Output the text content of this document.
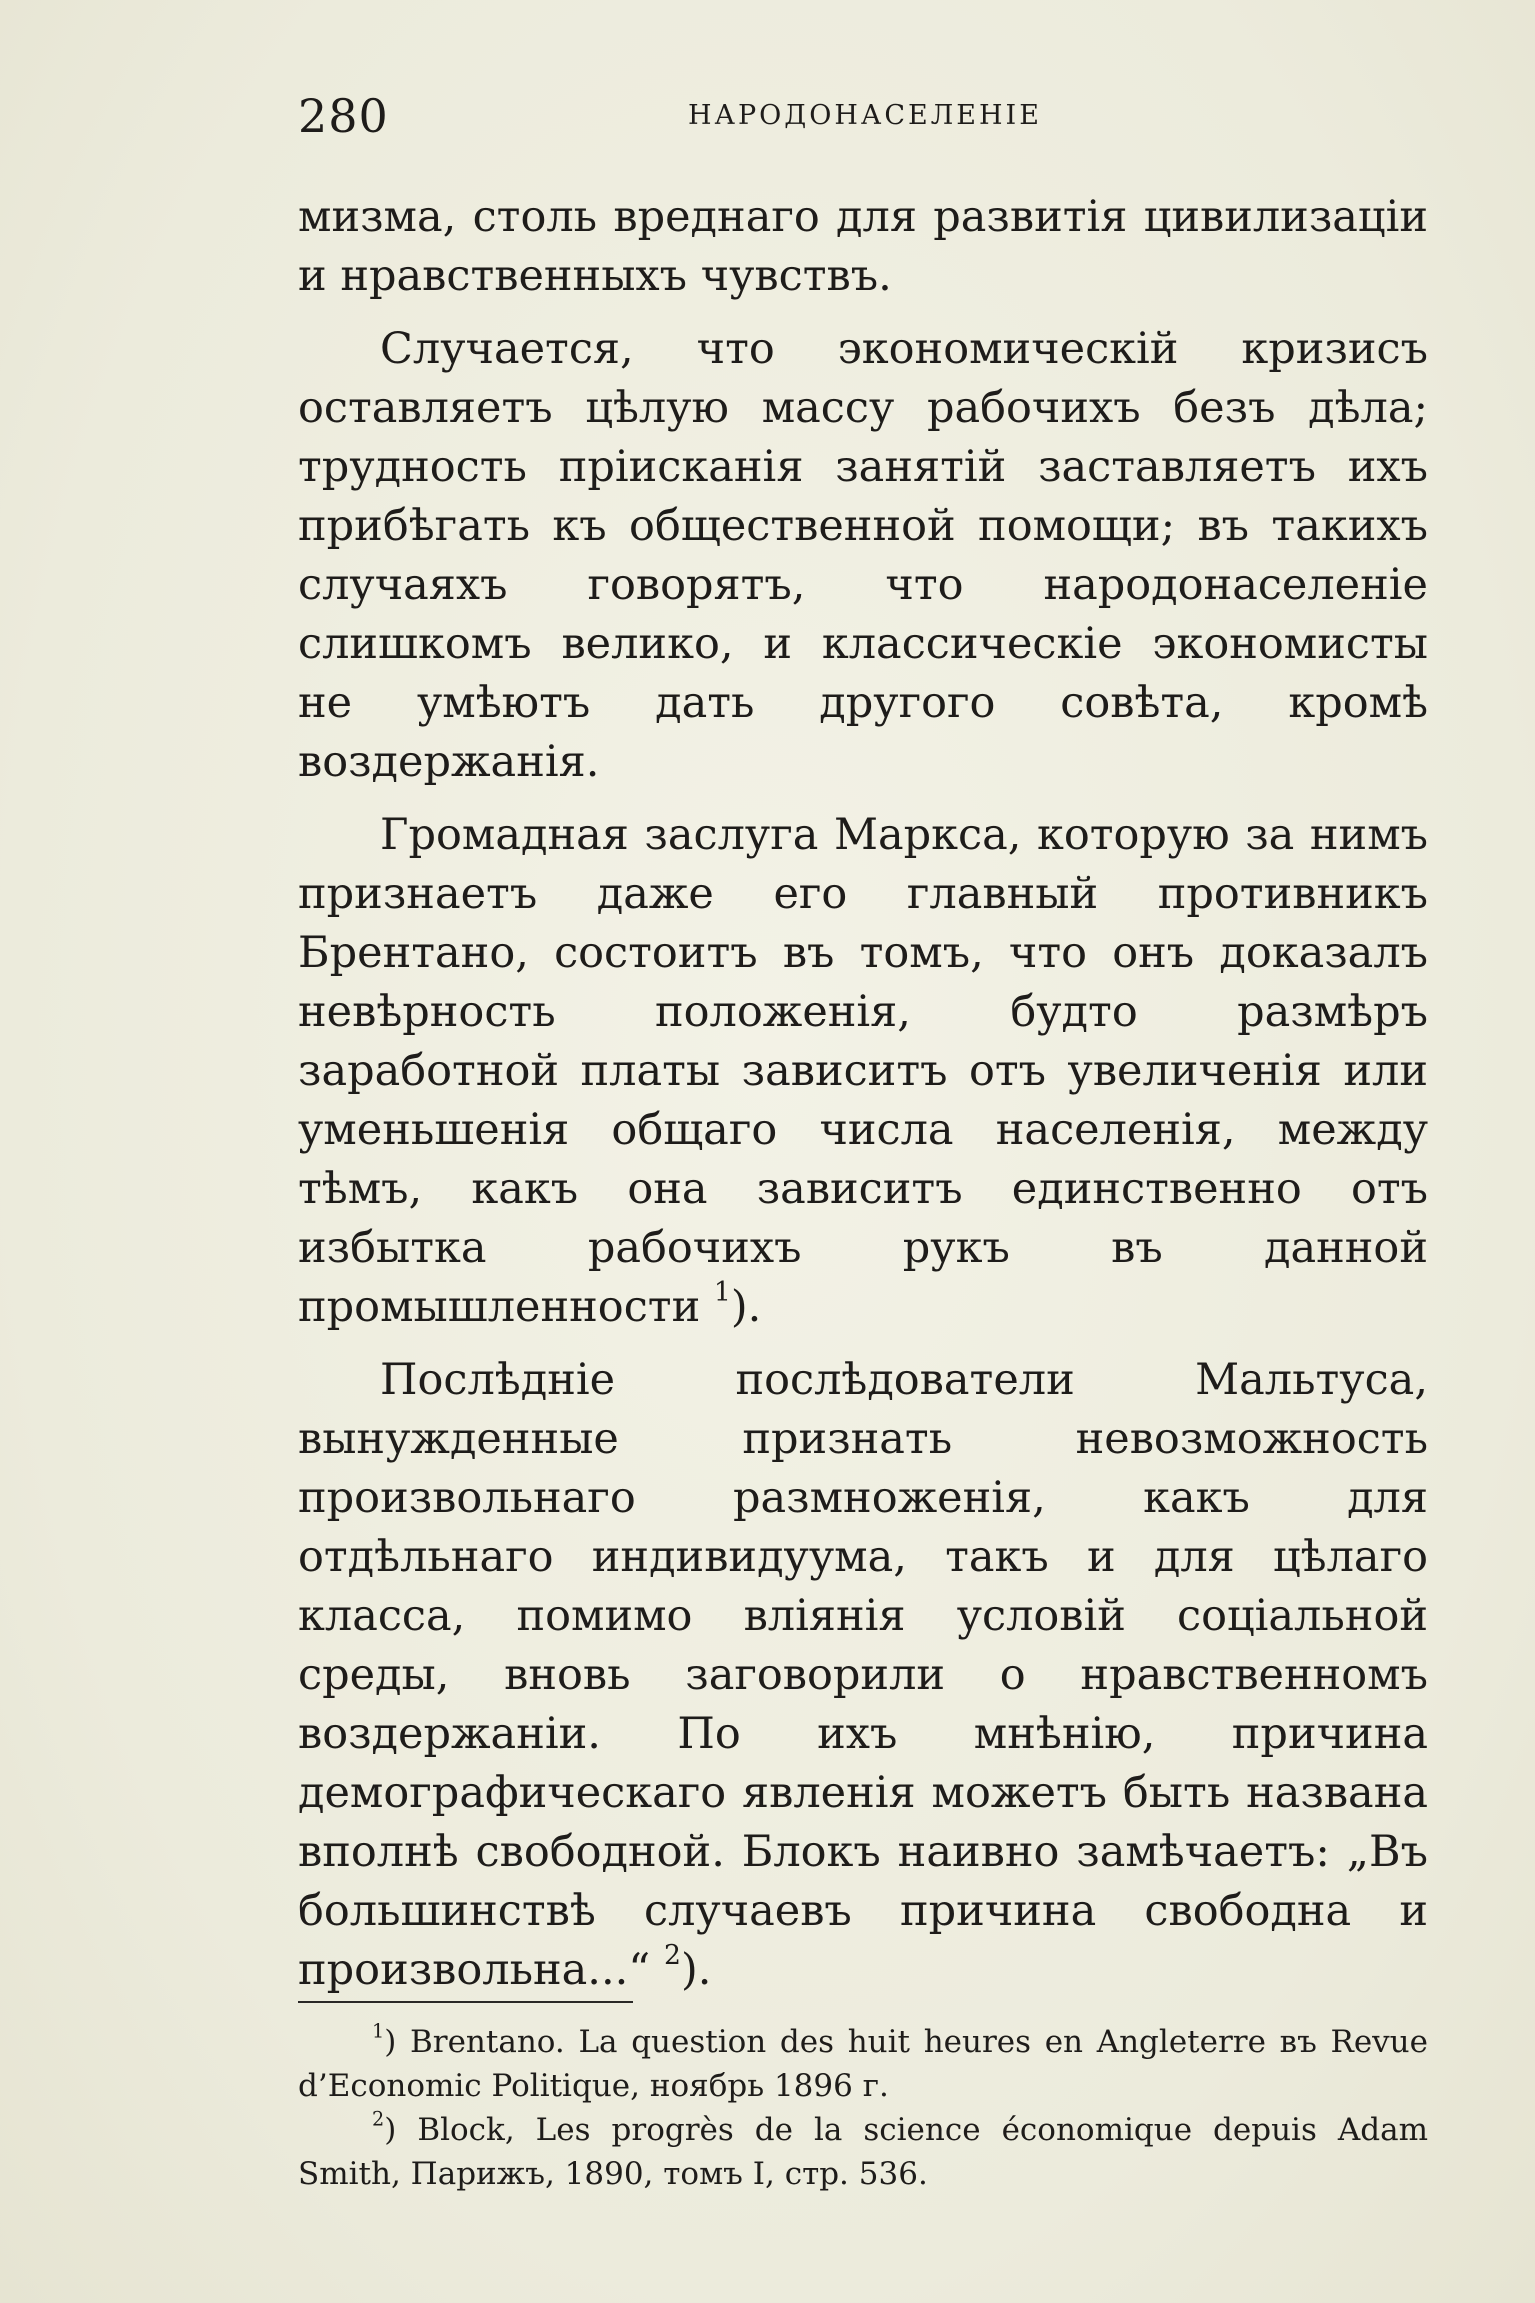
280	НАРОДОНАСЕЛЕНІЕ

мизма, столь вреднаго для развитія цивилизаціи и нравственныхъ чувствъ.

Случается, что экономическій кризисъ оставляетъ цѣлую массу рабочихъ безъ дѣла; трудность пріисканія занятій заставляетъ ихъ прибѣгать къ общественной помощи; въ такихъ случаяхъ говорятъ, что народонаселеніе слишкомъ велико, и классическіе экономисты не умѣютъ дать другого совѣта, кромѣ воздержанія.

Громадная заслуга Маркса, которую за нимъ признаетъ даже его главный противникъ Брентано, состоитъ въ томъ, что онъ доказалъ невѣрность положенія, будто размѣръ заработной платы зависитъ отъ увеличенія или уменьшенія общаго числа населенія, между тѣмъ, какъ она зависитъ единственно отъ избытка рабочихъ рукъ въ данной промышленности $^1$).

Послѣдніе послѣдователи Мальтуса, вынужденные признать невозможность произвольнаго размноженія, какъ для отдѣльнаго индивидуума, такъ и для цѣлаго класса, помимо вліянія условій соціальной среды, вновь заговорили о нравственномъ воздержаніи. По ихъ мнѣнію, причина демографическаго явленія можетъ быть названа вполнѣ свободной. Блокъ наивно замѣчаетъ: „Въ большинствѣ случаевъ причина свободна и произвольна...“ $^2$).

$^1$) Brentano. La question des huit heures en Angleterre въ Revue d’Economic Politique, ноябрь 1896 г.

$^2$) Block, Les progrès de la science économique depuis Adam Smith, Парижъ, 1890, томъ I, стр. 536.
